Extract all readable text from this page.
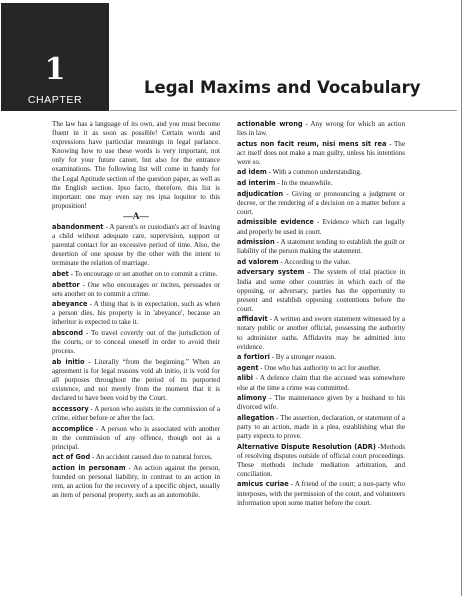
1
CHAPTER
Legal Maxims and Vocabulary

The law has a language of its own, and you must become fluent in it as soon as possible! Certain words and expressions have particular meanings in legal parlance. Knowing how to use these words is very important, not only for your future career, but also for the entrance examinations. The following list will come in handy for the Legal Aptitude section of the question paper, as well as the English section. Ipso facto, therefore, this list is important: one may even say res ipsa loquitor to this proposition!

—A—

abandonment - A parent's or custodian's act of leaving a child without adequate care, supervision, support or parental contact for an excessive period of time. Also, the desertion of one spouse by the other with the intent to terminate the relation of marriage.

abet - To encourage or set another on to commit a crime.

abettor - One who encourages or incites, persuades or sets another on to commit a crime.

abeyance - A thing that is in expectation, such as when a person dies, his property is in 'abeyance', because an inheritor is expected to take it.

abscond - To travel covertly out of the jurisdiction of the courts, or to conceal oneself in order to avoid their process.

ab initio - Literally “from the beginning.” When an agreement is for legal reasons void ab initio, it is void for all purposes throughout the period of its purported existence, and not merely from the moment that it is declared to have been void by the Court.

accessory - A person who assists in the commission of a crime, either before or after the fact.

accomplice - A person who is associated with another in the commission of any offence, though not as a principal.

act of God - An accident caused due to natural forces.

action in personam - An action against the person, founded on personal liability, in contrast to an action in rem, an action for the recovery of a specific object, usually an item of personal property, such as an automobile.

actionable wrong - Any wrong for which an action lies in law.

actus non facit reum, nisi mens sit rea - The act itself does not make a man guilty, unless his intentions were so.

ad idem - With a common understanding.

ad interim - In the meanwhile.

adjudication - Giving or pronouncing a judgment or decree, or the rendering of a decision on a matter before a court.

admissible evidence - Evidence which can legally and properly be used in court.

admission - A statement tending to establish the guilt or liability of the person making the statement.

ad valorem - According to the value.

adversary system - The system of trial practice in India and some other countries in which each of the opposing, or adversary, parties has the opportunity to present and establish opposing contentions before the court.

affidavit - A written and sworn statement witnessed by a notary public or another official, possessing the authority to administer oaths. Affidavits may be admitted into evidence.

a fortiori - By a stronger reason.

agent - One who has authority to act for another.

alibi - A defence claim that the accused was somewhere else at the time a crime was committed.

alimony - The maintenance given by a husband to his divorced wife.

allegation - The assertion, declaration, or statement of a party to an action, made in a plea, establishing what the party expects to prove.

Alternative Dispute Resolution (ADR) -Methods of resolving disputes outside of official court proceedings. These methods include mediation arbitration, and conciliation.

amicus curiae - A friend of the court; a non-party who interposes, with the permission of the court, and volunteers information upon some matter before the court.
